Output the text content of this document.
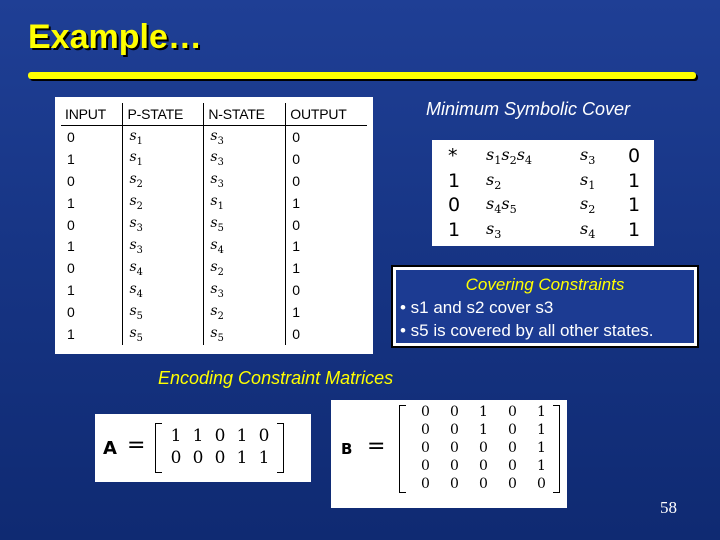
Example…
INPUT	P-STATE	N-STATE	OUTPUT
0	$s_1$	$s_3$	0
1	$s_1$	$s_3$	0
0	$s_2$	$s_3$	0
1	$s_2$	$s_1$	1
0	$s_3$	$s_5$	0
1	$s_3$	$s_4$	1
0	$s_4$	$s_2$	1
1	$s_4$	$s_3$	0
0	$s_5$	$s_2$	1
1	$s_5$	$s_5$	0
Minimum Symbolic Cover
*	$s_1s_2s_4$	$s_3$	0
1	$s_2$	$s_1$	1
0	$s_4s_5$	$s_2$	1
1	$s_3$	$s_4$	1
Covering Constraints
• s1 and s2 cover s3
• s5 is covered by all other states.
Encoding Constraint Matrices
A =	1 1 0 1 0
0 0 0 1 1	B =
0	0	1	0	1
0	0	1	0	1
0	0	0	0	1
0	0	0	0	1
0	0	0	0	0
58
